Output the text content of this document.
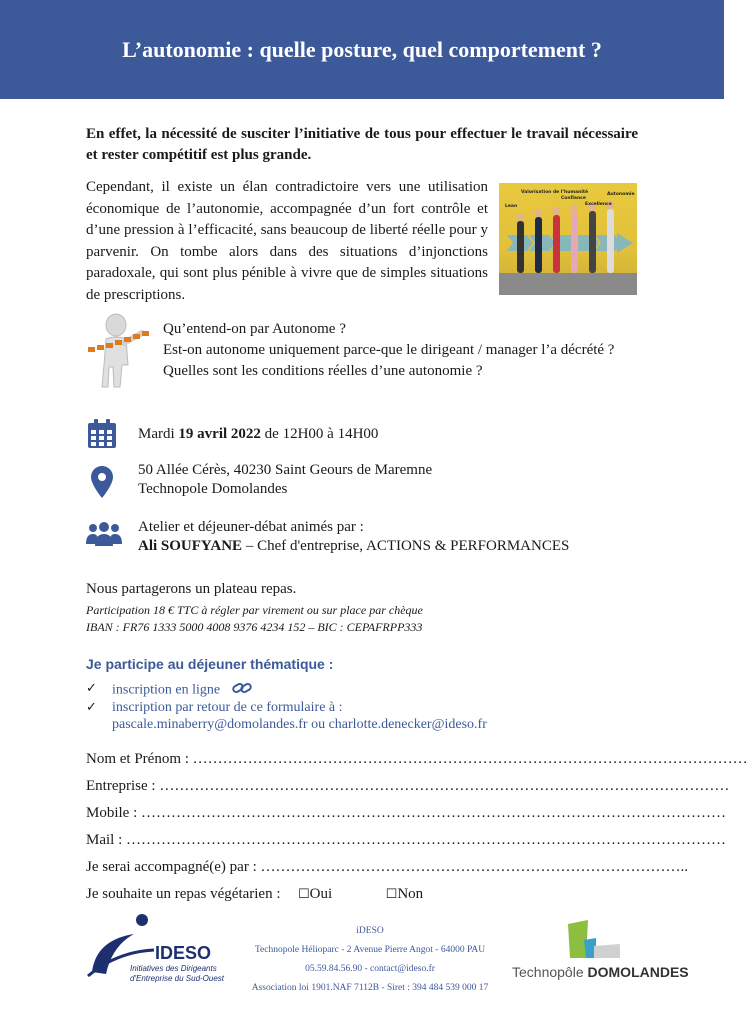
L’autonomie : quelle posture, quel comportement ?
En effet, la nécessité de susciter l’initiative de tous pour effectuer le travail nécessaire et rester compétitif est plus grande.
Cependant, il existe un élan contradictoire vers une utilisation économique de l’autonomie, accompagnée d’un fort contrôle et d’une pression à l’efficacité, sans beaucoup de liberté réelle pour y parvenir. On tombe alors dans des situations d’injonctions paradoxale, qui sont plus pénible à vivre que de simples situations de prescriptions.
Lean
Valorisation de l’humanité
Confiance
Excellence
Autonomie
Qu’entend-on par Autonome ?
Est-on autonome uniquement parce-que le dirigeant / manager l’a décrété ?
Quelles sont les conditions réelles d’une autonomie ?
Mardi 19 avril 2022 de 12H00 à 14H00
50 Allée Cérès, 40230 Saint Geours de Maremne
Technopole Domolandes
Atelier et déjeuner-débat animés par :
Ali SOUFYANE – Chef d'entreprise, ACTIONS & PERFORMANCES
Nous partagerons un plateau repas.
Participation 18 € TTC à régler par virement ou sur place par chèque
IBAN : FR76 1333 5000 4008 9376 4234 152 – BIC : CEPAFRPP333
Je participe au déjeuner thématique :
✓ inscription en ligne
✓ inscription par retour de ce formulaire à :
pascale.minaberry@domolandes.fr ou charlotte.denecker@ideso.fr
Nom et Prénom : …………………………………………………………………………………………………
Entreprise : ……………………………………………………………………………………………………
Mobile : ………………………………………………………………………………………………………
Mail : …………………………………………………………………………………………………………
Je serai accompagné(e) par : …………………………………………………………………………..
Je souhaite un repas végétarien : ☐Oui	☐Non
IDESO
Initiatives des Dirigeants d'Entreprise du Sud-Ouest
iDESO
Technopole Hélioparc - 2 Avenue Pierre Angot - 64000 PAU
05.59.84.56.90 - contact@ideso.fr
Association loi 1901.NAF 7112B - Siret : 394 484 539 000 17
Technopôle DOMOLANDES
